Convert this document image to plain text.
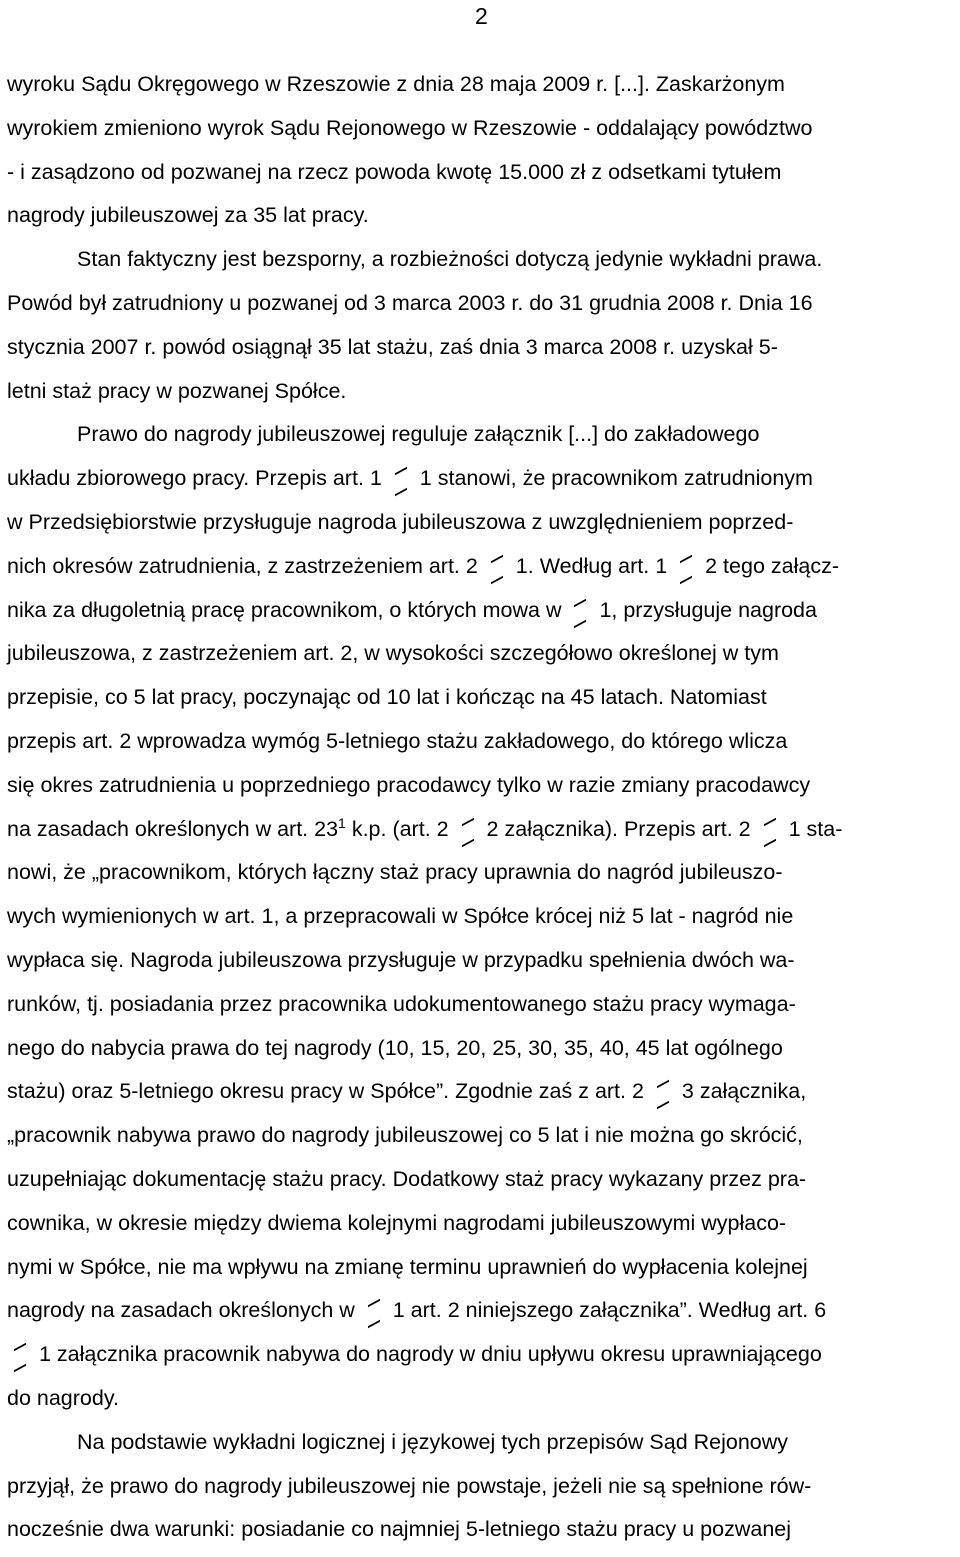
2
wyroku Sądu Okręgowego w Rzeszowie z dnia 28 maja 2009 r. [...]. Zaskarżonym
wyrokiem zmieniono wyrok Sądu Rejonowego w Rzeszowie - oddalający powództwo
- i zasądzono od pozwanej na rzecz powoda kwotę 15.000 zł z odsetkami tytułem
nagrody jubileuszowej za 35 lat pracy.
Stan faktyczny jest bezsporny, a rozbieżności dotyczą jedynie wykładni prawa.
Powód był zatrudniony u pozwanej od 3 marca 2003 r. do 31 grudnia 2008 r. Dnia 16
stycznia 2007 r. powód osiągnął 35 lat stażu, zaś dnia 3 marca 2008 r. uzyskał 5-
letni staż pracy w pozwanej Spółce.
Prawo do nagrody jubileuszowej reguluje załącznik [...] do zakładowego
układu zbiorowego pracy. Przepis art. 1  1 stanowi, że pracownikom zatrudnionym
w Przedsiębiorstwie przysługuje nagroda jubileuszowa z uwzględnieniem poprzed-
nich okresów zatrudnienia, z zastrzeżeniem art. 2  1. Według art. 1  2 tego załącz-
nika za długoletnią pracę pracownikom, o których mowa w  1, przysługuje nagroda
jubileuszowa, z zastrzeżeniem art. 2, w wysokości szczegółowo określonej w tym
przepisie, co 5 lat pracy, poczynając od 10 lat i kończąc na 45 latach. Natomiast
przepis art. 2 wprowadza wymóg 5-letniego stażu zakładowego, do którego wlicza
się okres zatrudnienia u poprzedniego pracodawcy tylko w razie zmiany pracodawcy
na zasadach określonych w art. $23^1$ k.p. (art. 2  2 załącznika). Przepis art. 2  1 sta-
nowi, że „pracownikom, których łączny staż pracy uprawnia do nagród jubileuszo-
wych wymienionych w art. 1, a przepracowali w Spółce krócej niż 5 lat - nagród nie
wypłaca się. Nagroda jubileuszowa przysługuje w przypadku spełnienia dwóch wa-
runków, tj. posiadania przez pracownika udokumentowanego stażu pracy wymaga-
nego do nabycia prawa do tej nagrody (10, 15, 20, 25, 30, 35, 40, 45 lat ogólnego
stażu) oraz 5-letniego okresu pracy w Spółce”. Zgodnie zaś z art. 2  3 załącznika,
„pracownik nabywa prawo do nagrody jubileuszowej co 5 lat i nie można go skrócić,
uzupełniając dokumentację stażu pracy. Dodatkowy staż pracy wykazany przez pra-
cownika, w okresie między dwiema kolejnymi nagrodami jubileuszowymi wypłaco-
nymi w Spółce, nie ma wpływu na zmianę terminu uprawnień do wypłacenia kolejnej
nagrody na zasadach określonych w  1 art. 2 niniejszego załącznika”. Według art. 6
1 załącznika pracownik nabywa do nagrody w dniu upływu okresu uprawniającego
do nagrody.
Na podstawie wykładni logicznej i językowej tych przepisów Sąd Rejonowy
przyjął, że prawo do nagrody jubileuszowej nie powstaje, jeżeli nie są spełnione rów-
nocześnie dwa warunki: posiadanie co najmniej 5-letniego stażu pracy u pozwanej
